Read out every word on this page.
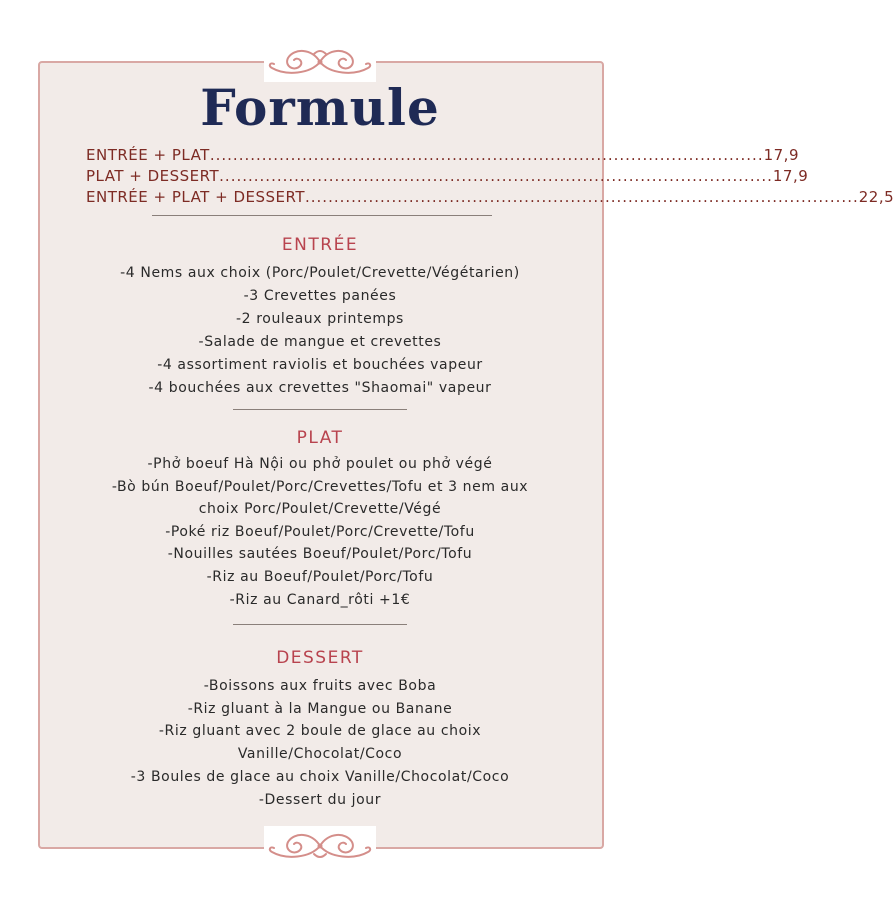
Formule
ENTRÉE + PLAT ................................................................................................ 17,9
PLAT + DESSERT ................................................................................................ 17,9
ENTRÉE + PLAT + DESSERT ................................................................................................ 22,5
ENTRÉE
-4 Nems aux choix (Porc/Poulet/Crevette/Végétarien)
-3 Crevettes panées
-2 rouleaux printemps
-Salade de mangue et crevettes
-4 assortiment raviolis et bouchées vapeur
-4 bouchées aux crevettes "Shaomai" vapeur
PLAT
-Phở boeuf Hà Nội ou phở poulet ou phở végé
-Bò bún Boeuf/Poulet/Porc/Crevettes/Tofu et 3 nem aux
choix Porc/Poulet/Crevette/Végé
-Poké riz Boeuf/Poulet/Porc/Crevette/Tofu
-Nouilles sautées Boeuf/Poulet/Porc/Tofu
-Riz au Boeuf/Poulet/Porc/Tofu
-Riz au Canard_rôti +1€
DESSERT
-Boissons aux fruits avec Boba
-Riz gluant à la Mangue ou Banane
-Riz gluant avec 2 boule de glace au choix
Vanille/Chocolat/Coco
-3 Boules de glace au choix Vanille/Chocolat/Coco
-Dessert du jour
